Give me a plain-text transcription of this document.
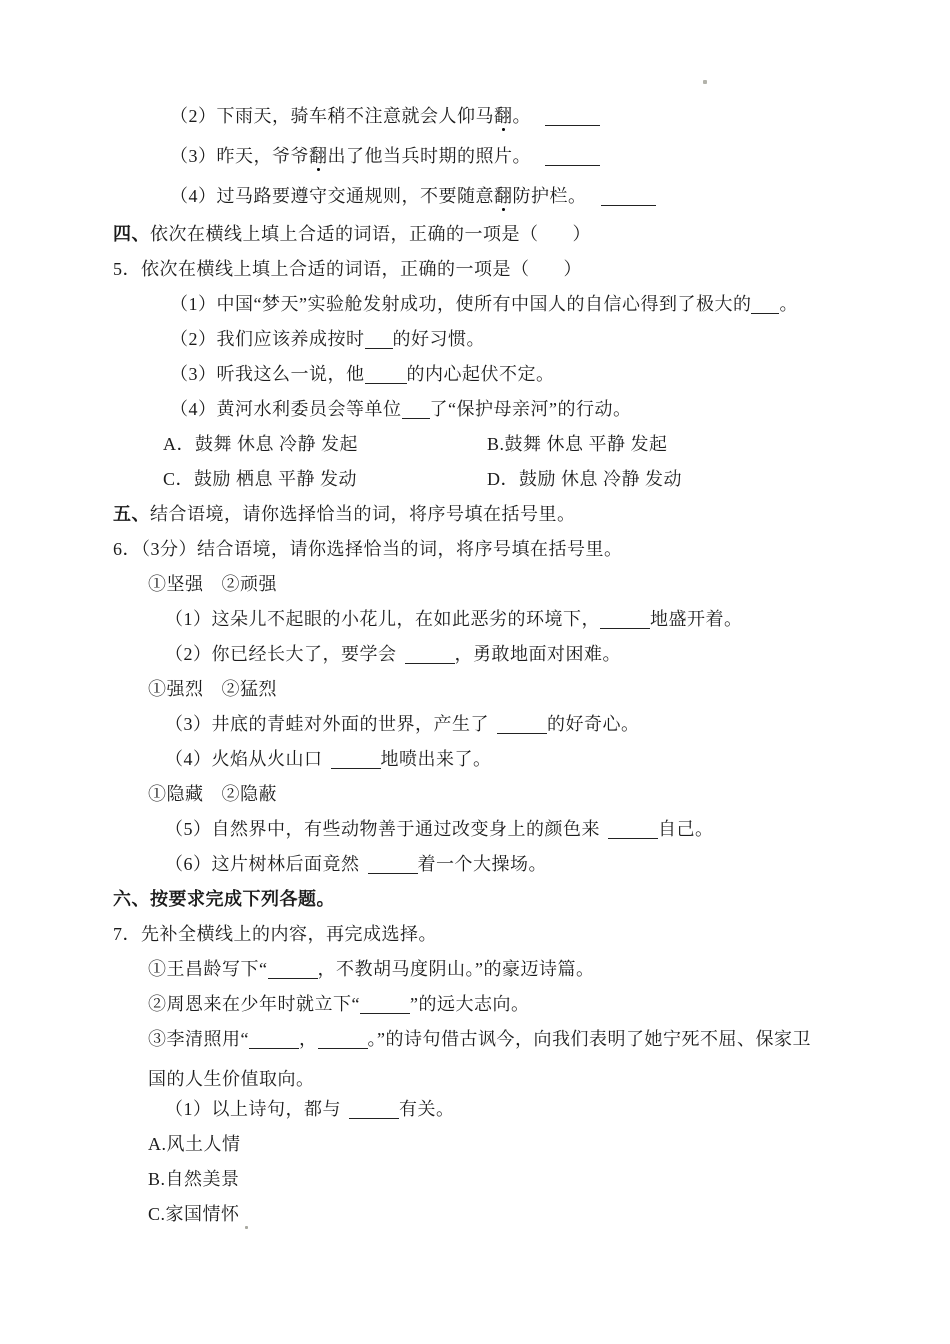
（2）下雨天，骑车稍不注意就会人仰马翻。
（3）昨天，爷爷翻出了他当兵时期的照片。
（4）过马路要遵守交通规则，不要随意翻防护栏。
四、依次在横线上填上合适的词语，正确的一项是（ ）
5．依次在横线上填上合适的词语，正确的一项是（ ）
（1）中国“梦天”实验舱发射成功，使所有中国人的自信心得到了极大的 。
（2）我们应该养成按时 的好习惯。
（3）听我这么一说，他 的内心起伏不定。
（4）黄河水利委员会等单位 了“保护母亲河”的行动。
A．鼓舞 休息 冷静 发起	B.鼓舞 休息 平静 发起
C．鼓励 栖息 平静 发动	D．鼓励 休息 冷静 发动
五、结合语境，请你选择恰当的词，将序号填在括号里。
6．（3分）结合语境，请你选择恰当的词，将序号填在括号里。
①坚强 ②顽强
（1）这朵儿不起眼的小花儿，在如此恶劣的环境下，	地盛开着。
（2）你已经长大了，要学会	，勇敢地面对困难。
①强烈 ②猛烈
（3）井底的青蛙对外面的世界，产生了	的好奇心。
（4）火焰从火山口	地喷出来了。
①隐藏 ②隐蔽
（5）自然界中，有些动物善于通过改变身上的颜色来	自己。
（6）这片树林后面竟然	着一个大操场。
六、按要求完成下列各题。
7．先补全横线上的内容，再完成选择。
①王昌龄写下“	，不教胡马度阴山。”的豪迈诗篇。
②周恩来在少年时就立下“	”的远大志向。
③李清照用“	，	。”的诗句借古讽今，向我们表明了她宁死不屈、保家卫
国的人生价值取向。
（1）以上诗句，都与	有关。
A.风土人情
B.自然美景
C.家国情怀
